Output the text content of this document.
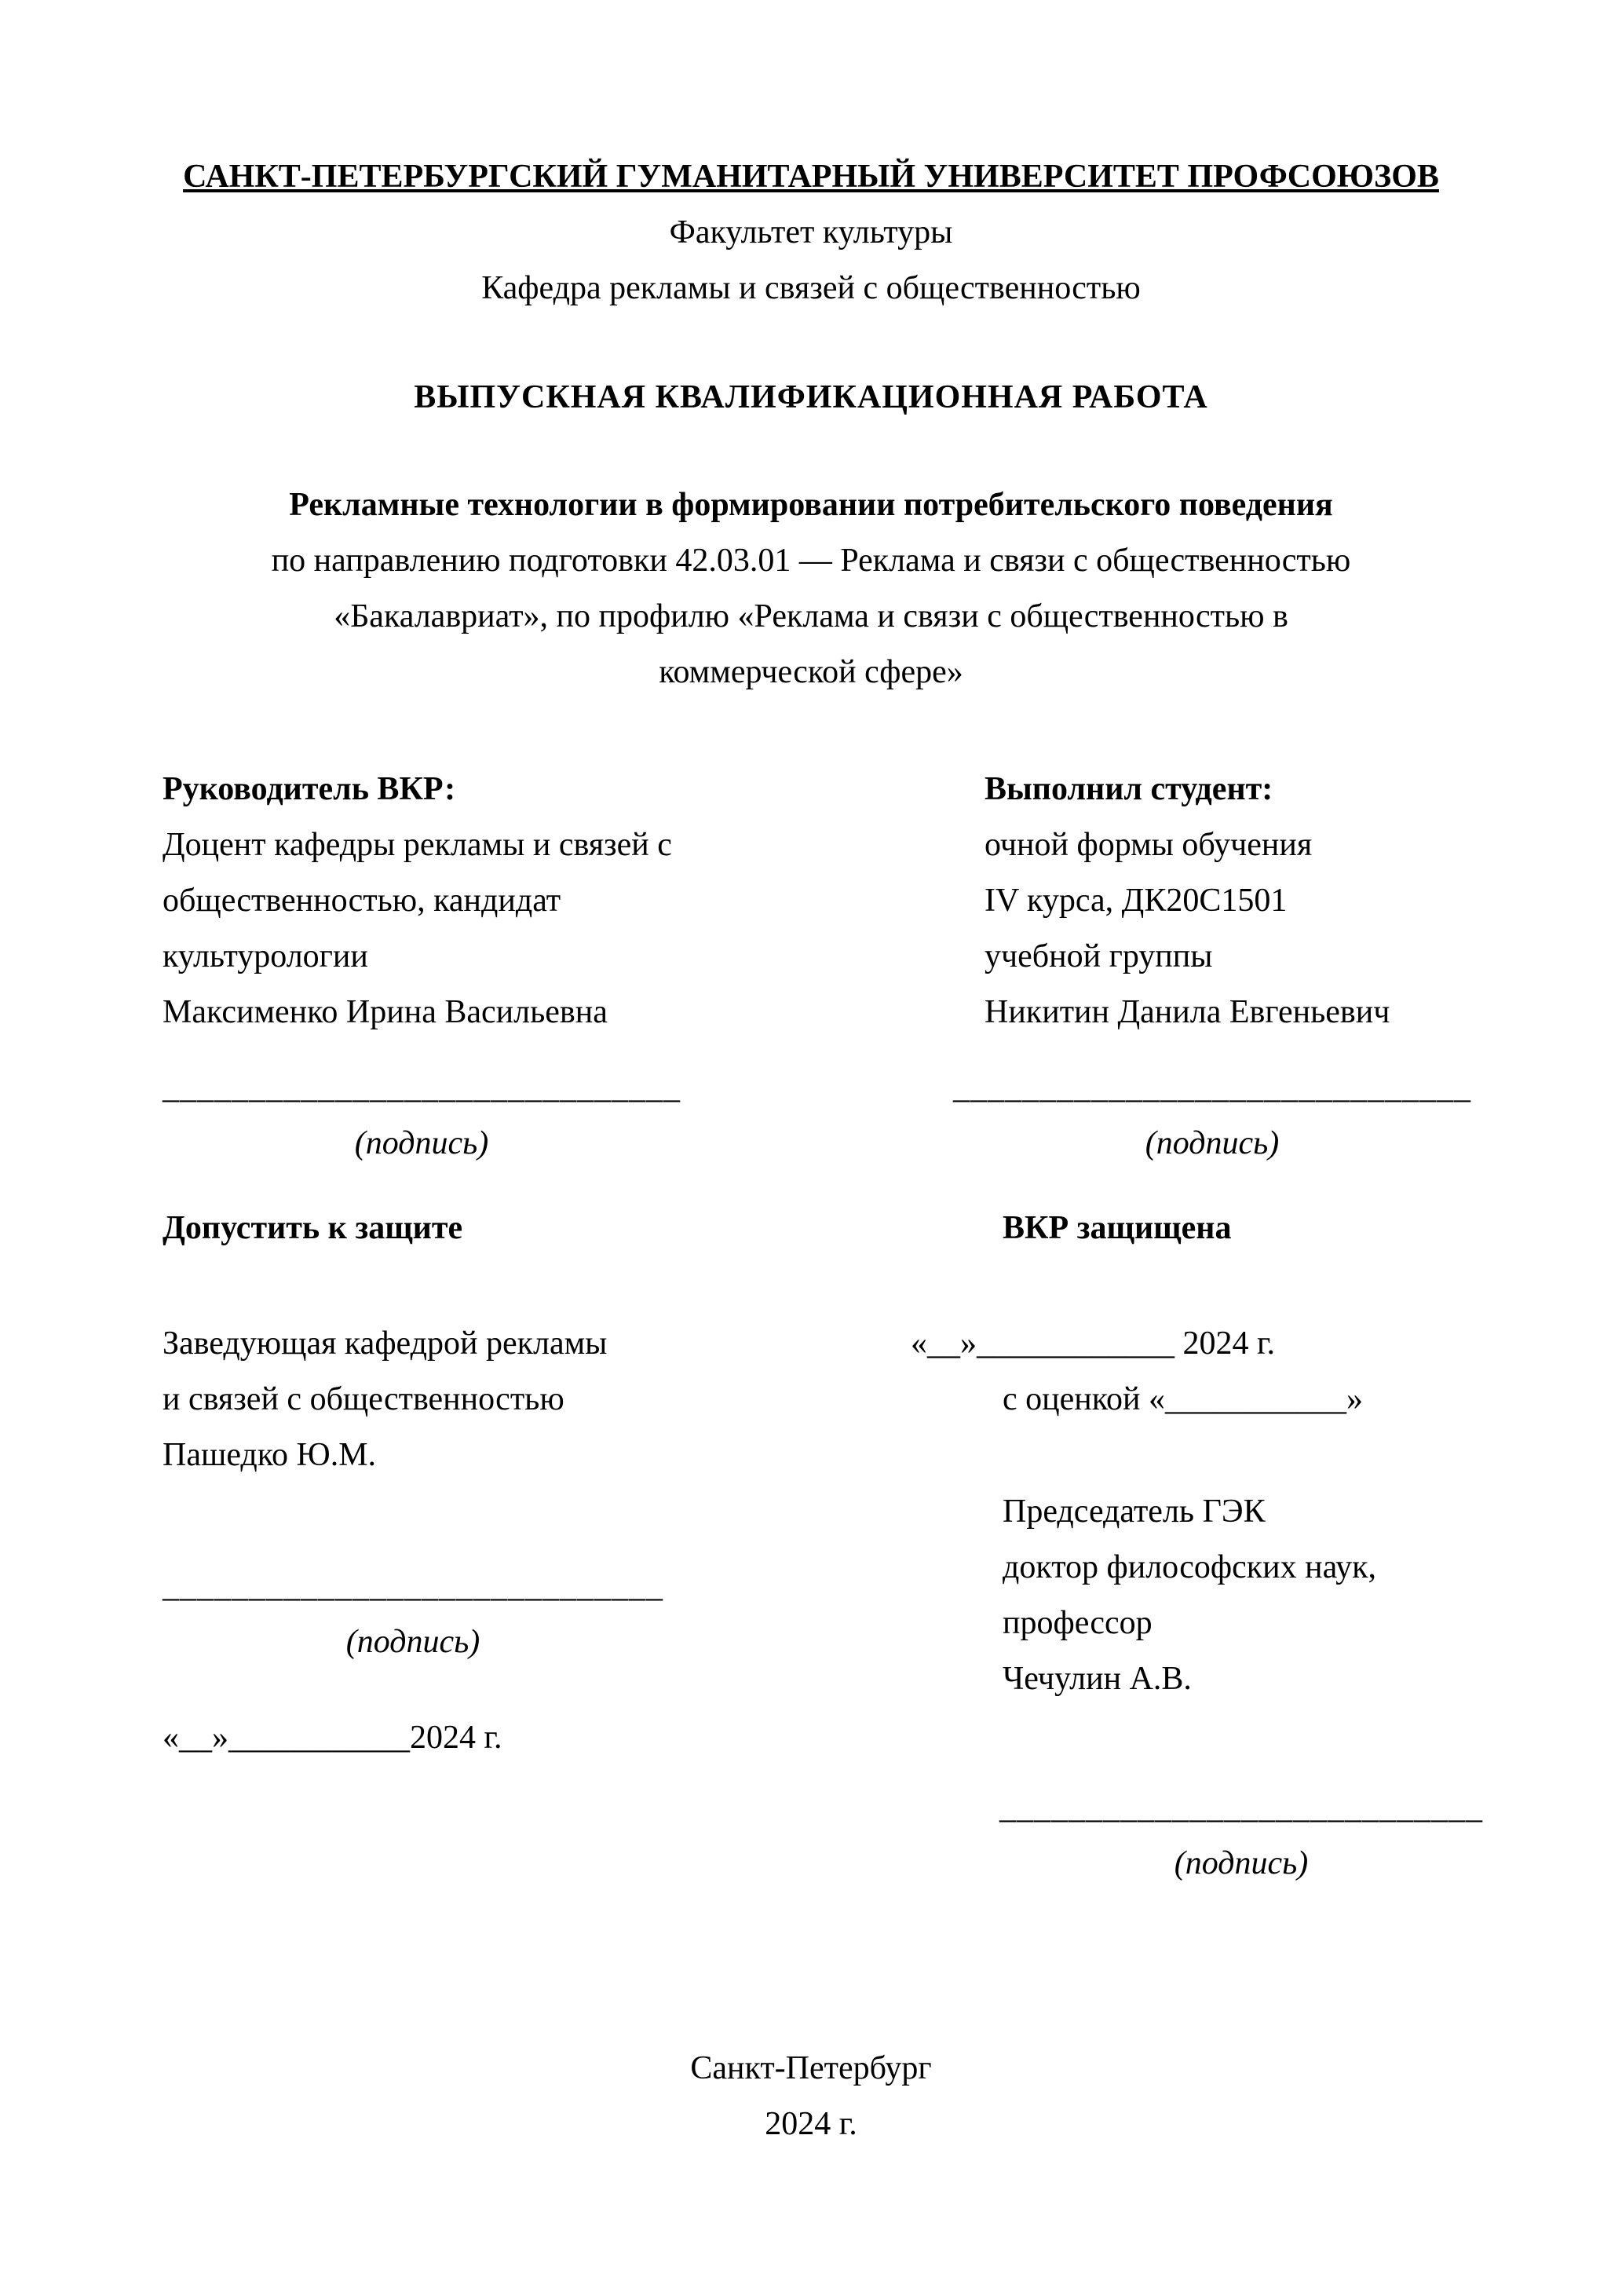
САНКТ-ПЕТЕРБУРГСКИЙ ГУМАНИТАРНЫЙ УНИВЕРСИТЕТ ПРОФСОЮЗОВ
Факультет культуры
Кафедра рекламы и связей с общественностью
ВЫПУСКНАЯ КВАЛИФИКАЦИОННАЯ РАБОТА
Рекламные технологии в формировании потребительского поведения
по направлению подготовки 42.03.01 — Реклама и связи с общественностью
«Бакалавриат», по профилю «Реклама и связи с общественностью в
коммерческой сфере»
Руководитель ВКР:
Доцент кафедры рекламы и связей с
общественностью, кандидат
культурологии
Максименко Ирина Васильевна
______________________________
(подпись)
Допустить к защите
Заведующая кафедрой рекламы
и связей с общественностью
Пашедко Ю.М.
_____________________________
(подпись)
«__»___________2024 г.
Выполнил студент:
очной формы обучения
IV курса, ДК20С1501
учебной группы
Никитин Данила Евгеньевич
______________________________
(подпись)
ВКР защищена
«__»____________ 2024 г.
с оценкой «___________»
Председатель ГЭК
доктор философских наук,
профессор
Чечулин А.В.
____________________________
(подпись)
Санкт-Петербург
2024 г.
